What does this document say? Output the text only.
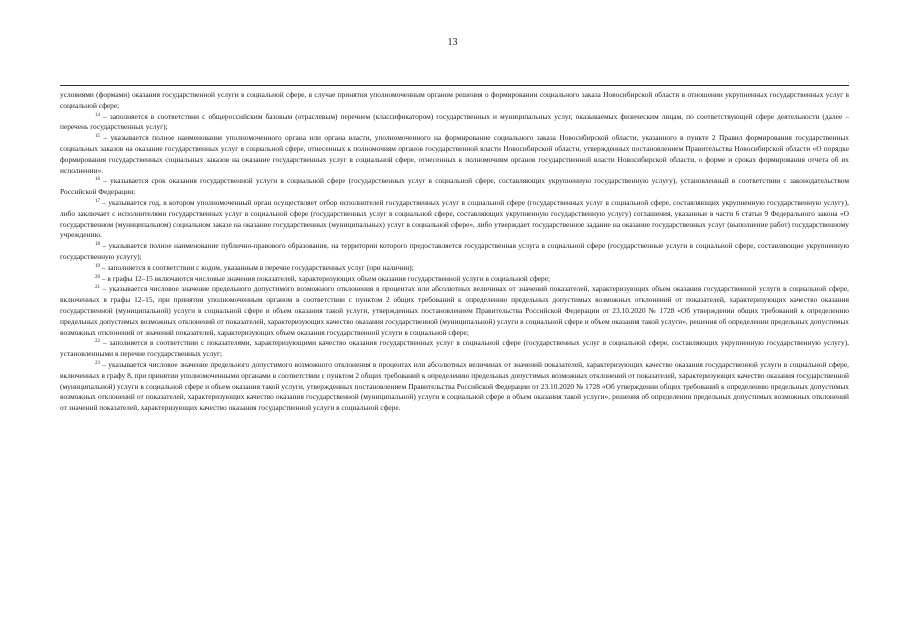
13

условиями (формами) оказания государственной услуги в социальной сфере, в случае принятия уполномоченным органом решения о формировании социального заказа Новосибирской области в отношении укрупненных государственных услуг в социальной сфере;

$^{14}$ – заполняется в соответствии с общероссийским базовым (отраслевым) перечнем (классификатором) государственных и муниципальных услуг, оказываемых физическим лицам, по соответствующей сфере деятельности (далее – перечень государственных услуг);

$^{15}$ – указывается полное наименование уполномоченного органа или органа власти, уполномоченного на формирование социального заказа Новосибирской области, указанного в пункте 2 Правил формирования государственных социальных заказов на оказание государственных услуг в социальной сфере, отнесенных к полномочиям органов государственной власти Новосибирской области, утвержденных постановлением Правительства Новосибирской области «О порядке формирования государственных социальных заказов на оказание государственных услуг в социальной сфере, отнесенных к полномочиям органов государственной власти Новосибирской области, о форме и сроках формирования отчета об их исполнении».

$^{16}$ – указывается срок оказания государственной услуги в социальной сфере (государственных услуг в социальной сфере, составляющих укрупненную государственную услугу), установленный в соответствии с законодательством Российской Федерации;

$^{17}$ – указывается год, в котором уполномоченный орган осуществляет отбор исполнителей государственных услуг в социальной сфере (государственных услуг в социальной сфере, составляющих укрупненную государственную услугу), либо заключает с исполнителями государственных услуг в социальной сфере (государственных услуг в социальной сфере, составляющих укрупненную государственную услугу) соглашения, указанные в части 6 статьи 9 Федерального закона «О государственном (муниципальном) социальном заказе на оказание государственных (муниципальных) услуг в социальной сфере», либо утверждает государственное задание на оказание государственных услуг (выполнение работ) государственному учреждению.

$^{18}$ – указывается полное наименование публично-правового образования, на территории которого предоставляется государственная услуга в социальной сфере (государственные услуги в социальной сфере, составляющие укрупненную государственную услугу);

$^{19}$ – заполняется в соответствии с кодом, указанным в перечне государственных услуг (при наличии);

$^{20}$ – в графы 12–15 включаются числовые значения показателей, характеризующих объем оказания государственной услуги в социальной сфере;

$^{21}$ – указывается числовое значение предельного допустимого возможного отклонения в процентах или абсолютных величинах от значений показателей, характеризующих объем оказания государственной услуги в социальной сфере, включенных в графы 12–15, при принятии уполномоченным органом в соответствии с пунктом 2 общих требований к определению предельных допустимых возможных отклонений от показателей, характеризующих качество оказания государственной (муниципальной) услуги в социальной сфере и объем оказания такой услуги, утвержденных постановлением Правительства Российской Федерации от 23.10.2020 № 1728 «Об утверждении общих требований к определению предельных допустимых возможных отклонений от показателей, характеризующих качество оказания государственной (муниципальной) услуги в социальной сфере и объем оказания такой услуги», решения об определении предельных допустимых возможных отклонений от значений показателей, характеризующих объем оказания государственной услуги в социальной сфере;

$^{22}$ – заполняется в соответствии с показателями, характеризующими качество оказания государственных услуг в социальной сфере (государственных услуг в социальной сфере, составляющих укрупненную государственную услугу), установленными в перечне государственных услуг;

$^{23}$ – указывается числовое значение предельного допустимого возможного отклонения в процентах или абсолютных величинах от значений показателей, характеризующих качество оказания государственной услуги в социальной сфере, включенных в графу 8, при принятии уполномоченными органами в соответствии с пунктом 2 общих требований к определению предельных допустимых возможных отклонений от показателей, характеризующих качество оказания государственной (муниципальной) услуги в социальной сфере и объем оказания такой услуги, утвержденных постановлением Правительства Российской Федерации от 23.10.2020 № 1728 «Об утверждении общих требований к определению предельных допустимых возможных отклонений от показателей, характеризующих качество оказания государственной (муниципальной) услуги в социальной сфере и объем оказания такой услуги», решения об определении предельных допустимых возможных отклонений от значений показателей, характеризующих качество оказания государственной услуги в социальной сфере.
